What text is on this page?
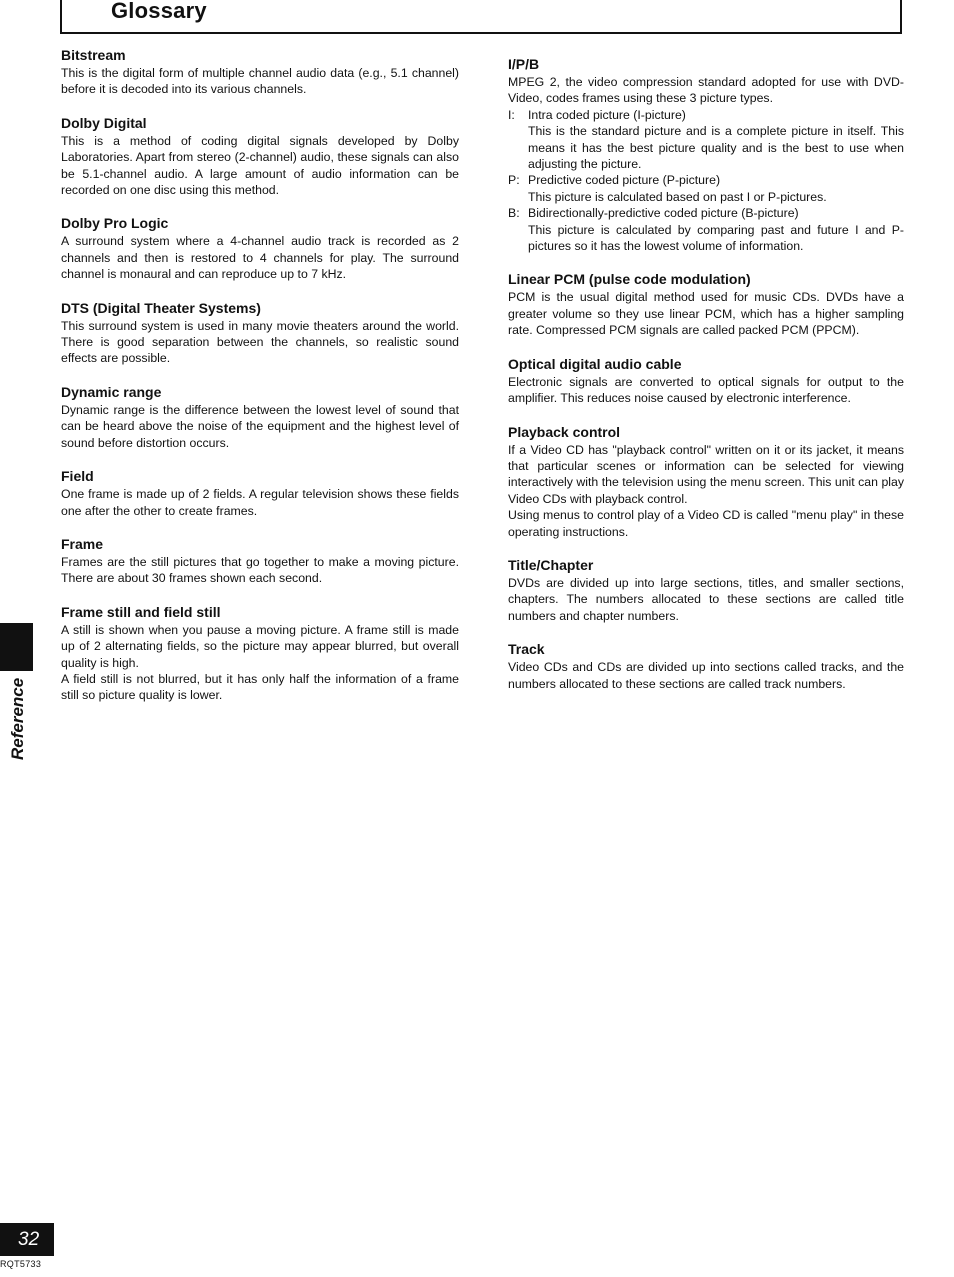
Glossary
Bitstream

This is the digital form of multiple channel audio data (e.g., 5.1 channel) before it is decoded into its various channels.

Dolby Digital

This is a method of coding digital signals developed by Dolby Laboratories. Apart from stereo (2-channel) audio, these signals can also be 5.1-channel audio. A large amount of audio information can be recorded on one disc using this method.

Dolby Pro Logic

A surround system where a 4-channel audio track is recorded as 2 channels and then is restored to 4 channels for play. The surround channel is monaural and can reproduce up to 7 kHz.

DTS (Digital Theater Systems)

This surround system is used in many movie theaters around the world. There is good separation between the channels, so realistic sound effects are possible.

Dynamic range

Dynamic range is the difference between the lowest level of sound that can be heard above the noise of the equipment and the highest level of sound before distortion occurs.

Field

One frame is made up of 2 fields. A regular television shows these fields one after the other to create frames.

Frame

Frames are the still pictures that go together to make a moving picture. There are about 30 frames shown each second.

Frame still and field still

A still is shown when you pause a moving picture. A frame still is made up of 2 alternating fields, so the picture may appear blurred, but overall quality is high.

A field still is not blurred, but it has only half the information of a frame still so picture quality is lower.

I/P/B

MPEG 2, the video compression standard adopted for use with DVD-Video, codes frames using these 3 picture types.

I: Intra coded picture (I-picture)
This is the standard picture and is a complete picture in itself. This means it has the best picture quality and is the best to use when adjusting the picture.
P: Predictive coded picture (P-picture)
This picture is calculated based on past I or P-pictures.
B: Bidirectionally-predictive coded picture (B-picture)
This picture is calculated by comparing past and future I and P-pictures so it has the lowest volume of information.
Linear PCM (pulse code modulation)

PCM is the usual digital method used for music CDs. DVDs have a greater volume so they use linear PCM, which has a higher sampling rate. Compressed PCM signals are called packed PCM (PPCM).

Optical digital audio cable

Electronic signals are converted to optical signals for output to the amplifier. This reduces noise caused by electronic interference.

Playback control

If a Video CD has "playback control" written on it or its jacket, it means that particular scenes or information can be selected for viewing interactively with the television using the menu screen. This unit can play Video CDs with playback control.

Using menus to control play of a Video CD is called "menu play" in these operating instructions.

Title/Chapter

DVDs are divided up into large sections, titles, and smaller sections, chapters. The numbers allocated to these sections are called title numbers and chapter numbers.

Track

Video CDs and CDs are divided up into sections called tracks, and the numbers allocated to these sections are called track numbers.

Reference
32
RQT5733
